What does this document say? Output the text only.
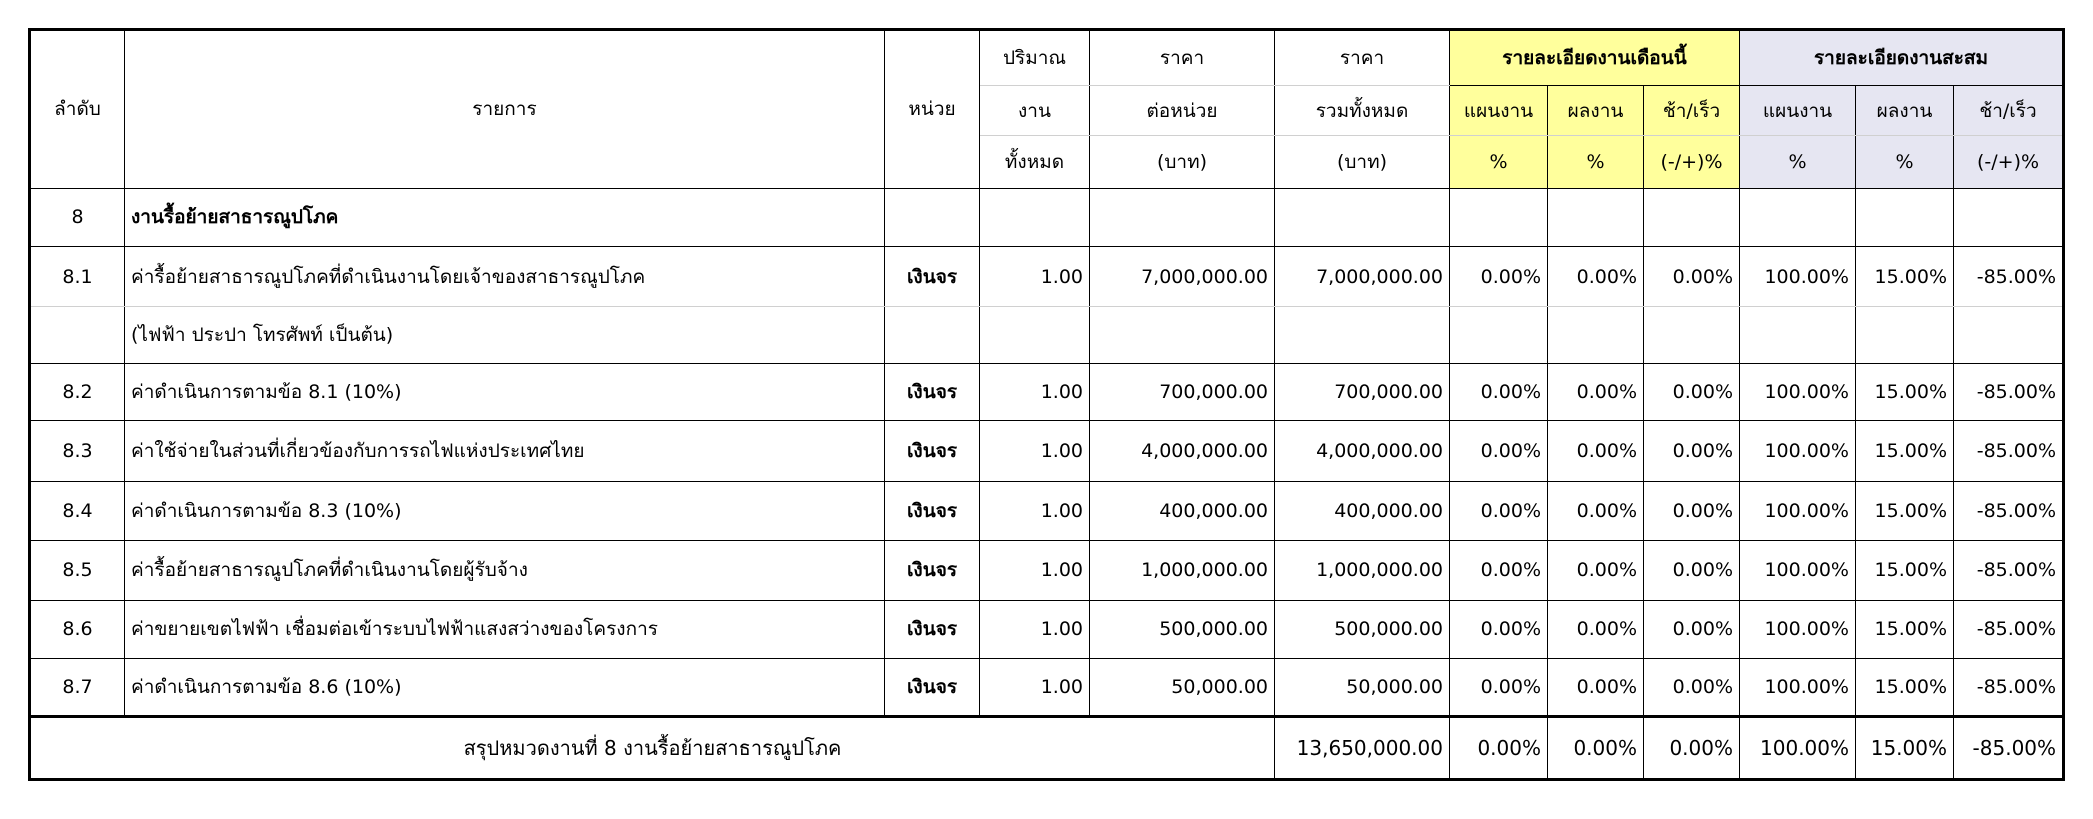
ลำดับ	รายการ	หน่วย	ปริมาณ	ราคา	ราคา	รายละเอียดงานเดือนนี้			รายละเอียดงานสะสม		
			งาน	ต่อหน่วย	รวมทั้งหมด	แผนงาน	ผลงาน	ช้า/เร็ว	แผนงาน	ผลงาน	ช้า/เร็ว
			ทั้งหมด	(บาท)	(บาท)	%	%	(-/+)%	%	%	(-/+)%
8	งานรื้อย้ายสาธารณูปโภค										
8.1	ค่ารื้อย้ายสาธารณูปโภคที่ดำเนินงานโดยเจ้าของสาธารณูปโภค	เงินจร	1.00	7,000,000.00	7,000,000.00	0.00%	0.00%	0.00%	100.00%	15.00%	-85.00%
	(ไฟฟ้า ประปา โทรศัพท์ เป็นต้น)										
8.2	ค่าดำเนินการตามข้อ 8.1 (10%)	เงินจร	1.00	700,000.00	700,000.00	0.00%	0.00%	0.00%	100.00%	15.00%	-85.00%
8.3	ค่าใช้จ่ายในส่วนที่เกี่ยวข้องกับการรถไฟแห่งประเทศไทย	เงินจร	1.00	4,000,000.00	4,000,000.00	0.00%	0.00%	0.00%	100.00%	15.00%	-85.00%
8.4	ค่าดำเนินการตามข้อ 8.3 (10%)	เงินจร	1.00	400,000.00	400,000.00	0.00%	0.00%	0.00%	100.00%	15.00%	-85.00%
8.5	ค่ารื้อย้ายสาธารณูปโภคที่ดำเนินงานโดยผู้รับจ้าง	เงินจร	1.00	1,000,000.00	1,000,000.00	0.00%	0.00%	0.00%	100.00%	15.00%	-85.00%
8.6	ค่าขยายเขตไฟฟ้า เชื่อมต่อเข้าระบบไฟฟ้าแสงสว่างของโครงการ	เงินจร	1.00	500,000.00	500,000.00	0.00%	0.00%	0.00%	100.00%	15.00%	-85.00%
8.7	ค่าดำเนินการตามข้อ 8.6 (10%)	เงินจร	1.00	50,000.00	50,000.00	0.00%	0.00%	0.00%	100.00%	15.00%	-85.00%
สรุปหมวดงานที่ 8 งานรื้อย้ายสาธารณูปโภค					13,650,000.00	0.00%	0.00%	0.00%	100.00%	15.00%	-85.00%
